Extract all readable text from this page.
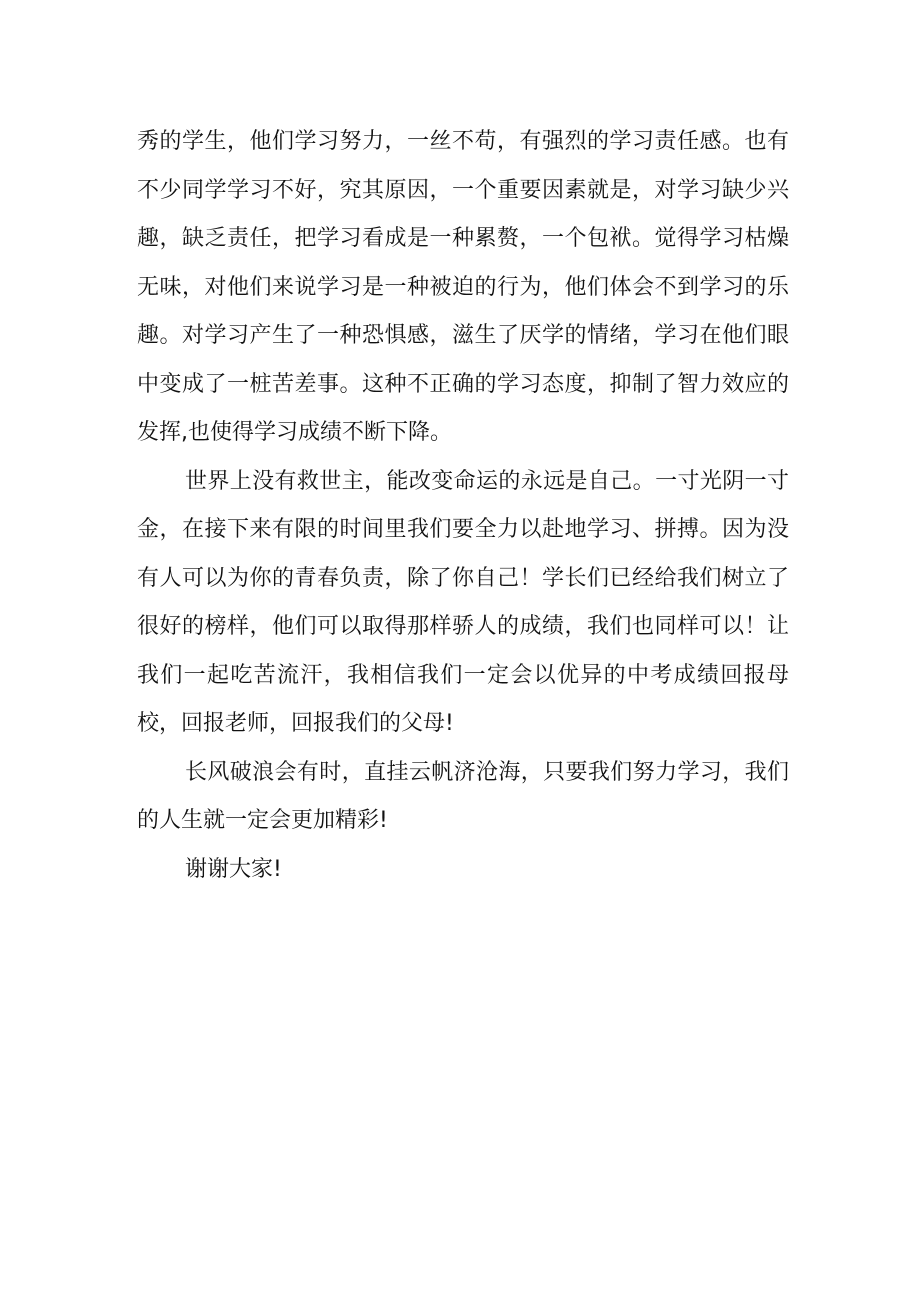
秀的学生，他们学习努力，一丝不苟，有强烈的学习责任感。也有不少同学学习不好，究其原因，一个重要因素就是，对学习缺少兴趣，缺乏责任，把学习看成是一种累赘，一个包袱。觉得学习枯燥无味，对他们来说学习是一种被迫的行为，他们体会不到学习的乐趣。对学习产生了一种恐惧感，滋生了厌学的情绪，学习在他们眼中变成了一桩苦差事。这种不正确的学习态度，抑制了智力效应的发挥,也使得学习成绩不断下降。

世界上没有救世主，能改变命运的永远是自己。一寸光阴一寸金，在接下来有限的时间里我们要全力以赴地学习、拼搏。因为没有人可以为你的青春负责，除了你自己！学长们已经给我们树立了很好的榜样，他们可以取得那样骄人的成绩，我们也同样可以！让我们一起吃苦流汗，我相信我们一定会以优异的中考成绩回报母校，回报老师，回报我们的父母!

长风破浪会有时，直挂云帆济沧海，只要我们努力学习，我们的人生就一定会更加精彩!

谢谢大家!
